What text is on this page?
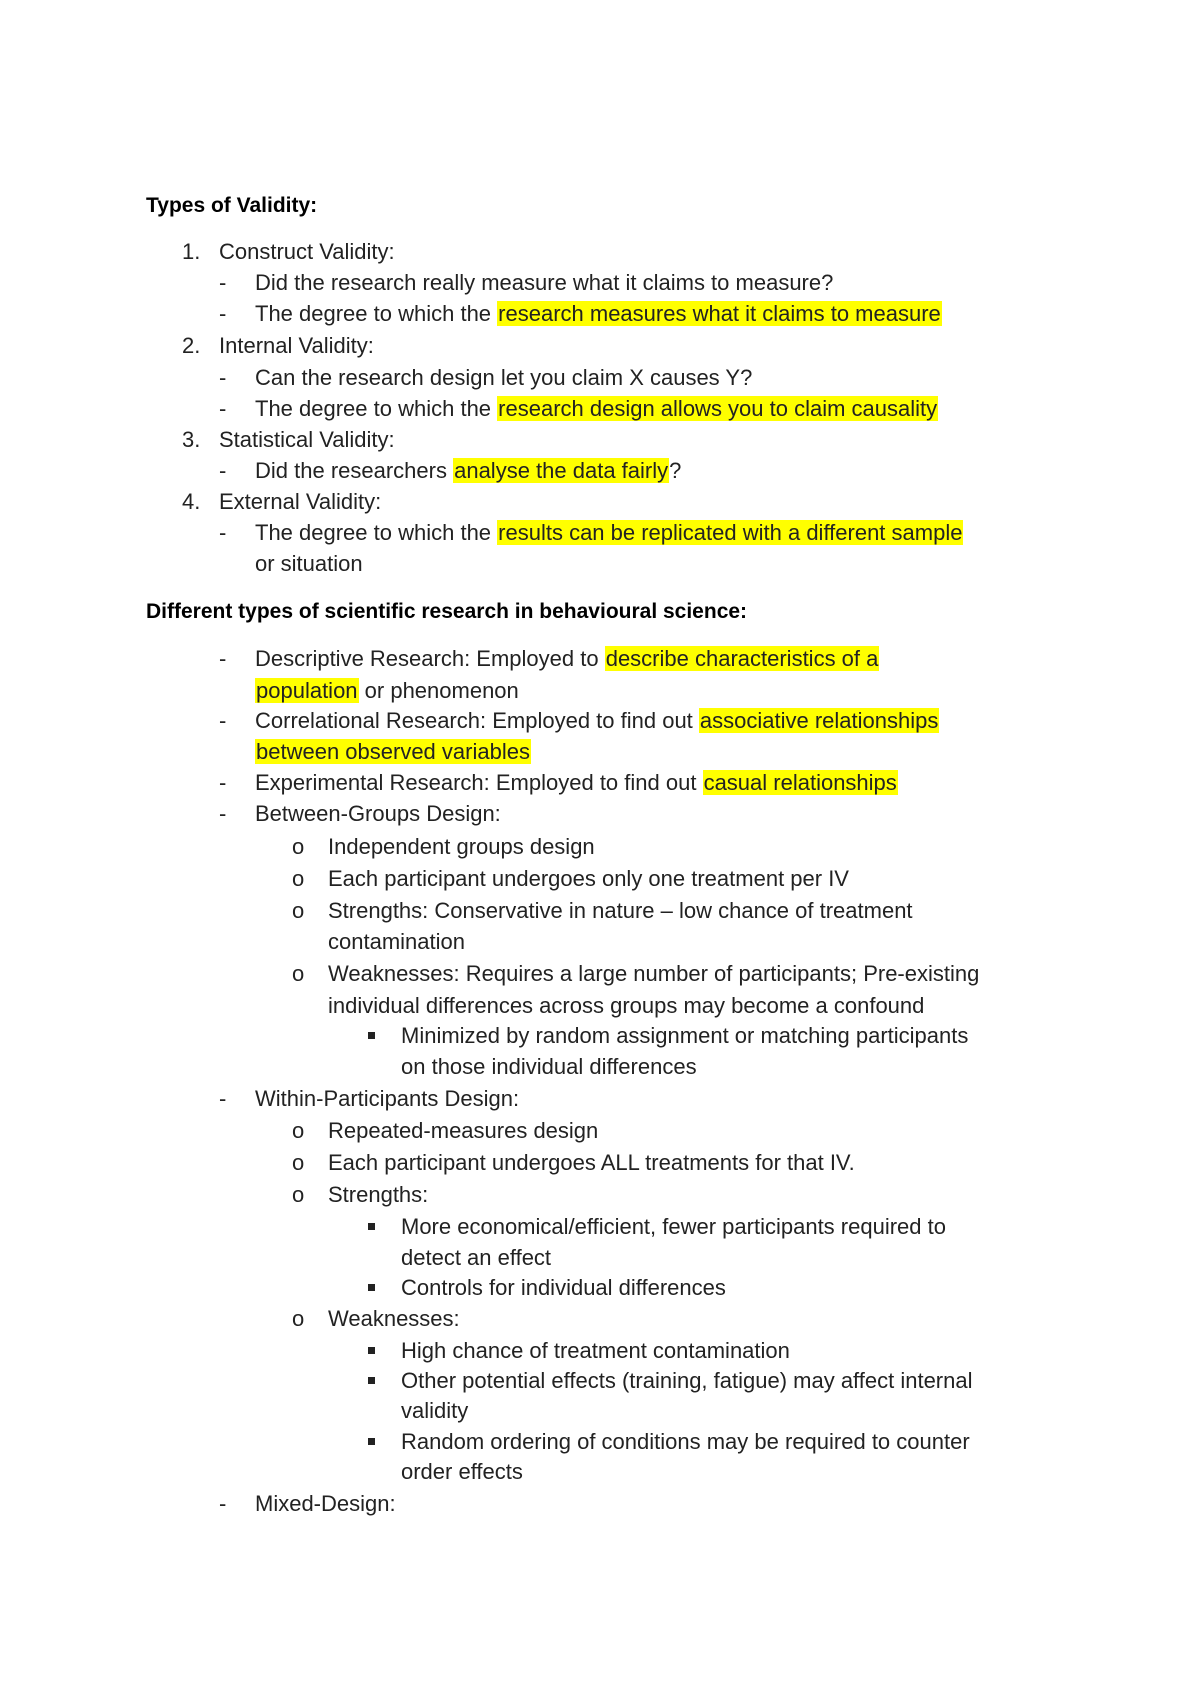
Types of Validity:
1. Construct Validity:
- Did the research really measure what it claims to measure?
- The degree to which the research measures what it claims to measure
2. Internal Validity:
- Can the research design let you claim X causes Y?
- The degree to which the research design allows you to claim causality
3. Statistical Validity:
- Did the researchers analyse the data fairly?
4. External Validity:
- The degree to which the results can be replicated with a different sample
or situation
Different types of scientific research in behavioural science:
- Descriptive Research: Employed to describe characteristics of a
population or phenomenon
- Correlational Research: Employed to find out associative relationships
between observed variables
- Experimental Research: Employed to find out casual relationships
- Between-Groups Design:
o Independent groups design
o Each participant undergoes only one treatment per IV
o Strengths: Conservative in nature – low chance of treatment
contamination
o Weaknesses: Requires a large number of participants; Pre-existing
individual differences across groups may become a confound
Minimized by random assignment or matching participants
on those individual differences
- Within-Participants Design:
o Repeated-measures design
o Each participant undergoes ALL treatments for that IV.
o Strengths:
More economical/efficient, fewer participants required to
detect an effect
Controls for individual differences
o Weaknesses:
High chance of treatment contamination
Other potential effects (training, fatigue) may affect internal
validity
Random ordering of conditions may be required to counter
order effects
- Mixed-Design:
